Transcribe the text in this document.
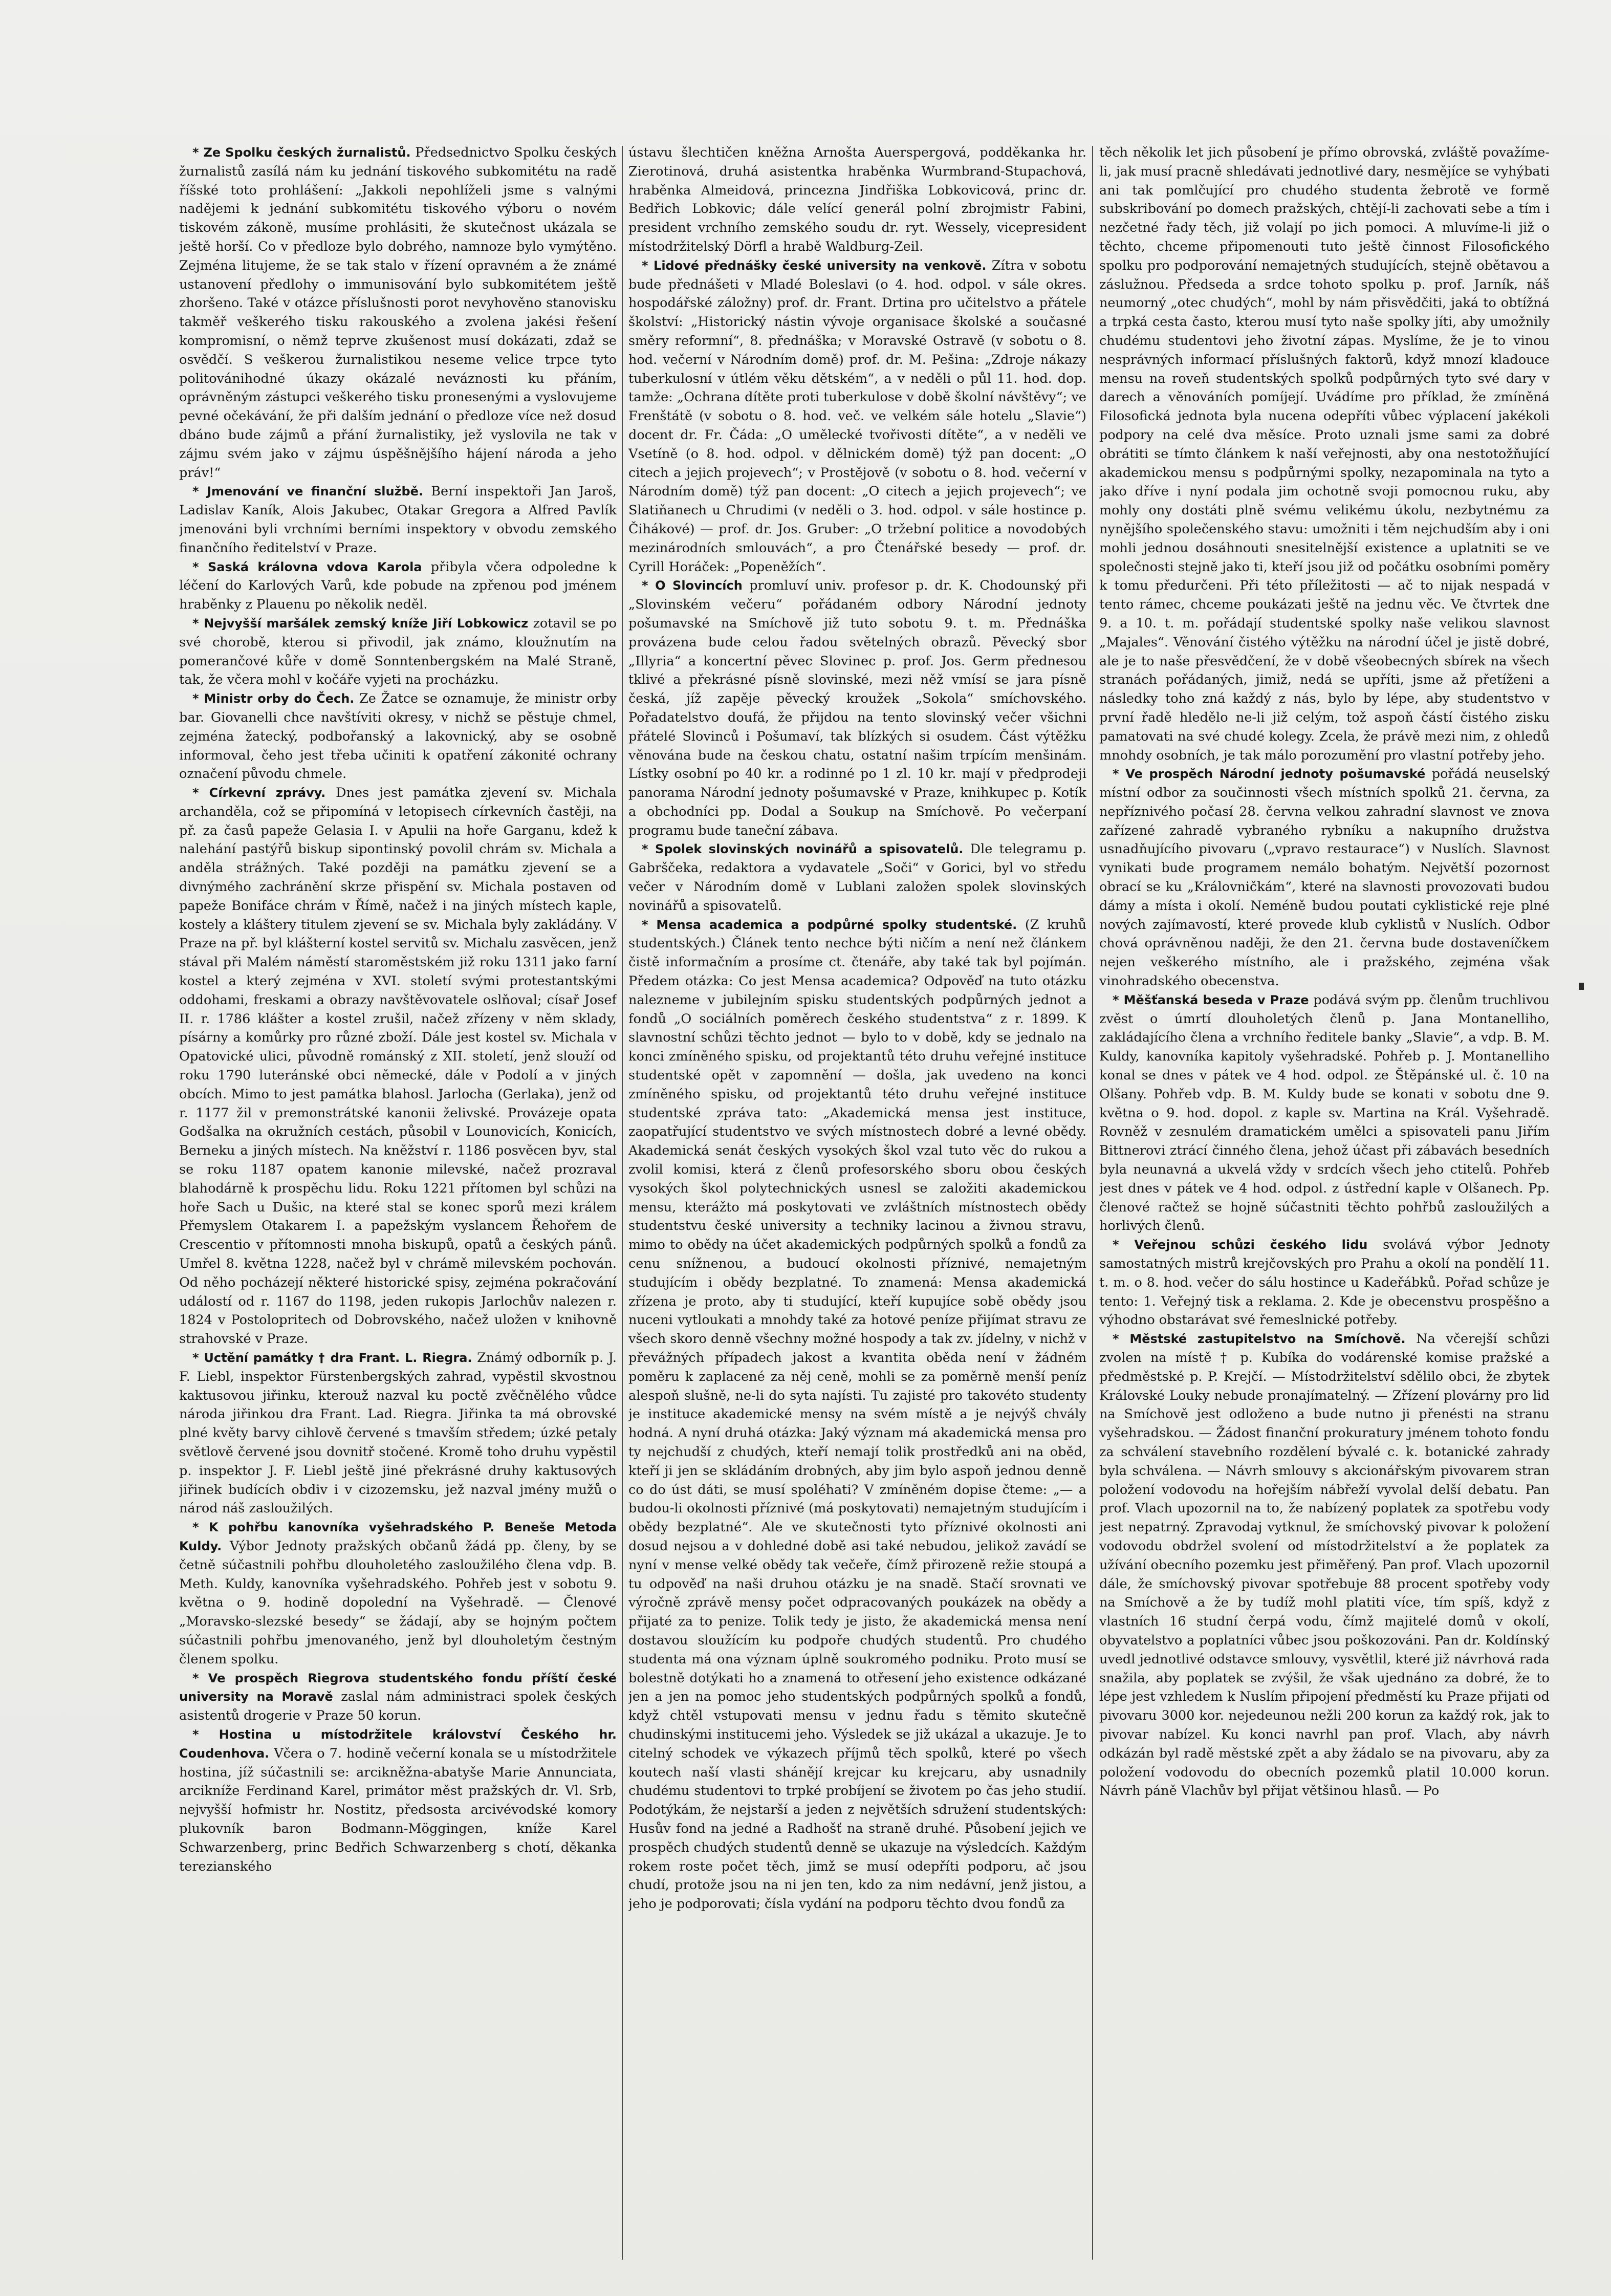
* Ze Spolku českých žurnalistů. Předsednictvo Spolku českých žurnalistů zasílá nám ku jednání tiskového subkomitétu na radě říšské toto prohlášení: „Jakkoli nepohlíželi jsme s valnými nadějemi k jednání subkomitétu tiskového výboru o novém tiskovém zákoně, musíme prohlásiti, že skutečnost ukázala se ještě horší. Co v předloze bylo dobrého, namnoze bylo vymýtěno. Zejména litujeme, že se tak stalo v řízení opravném a že známé ustanovení předlohy o immunisování bylo subkomitétem ještě zhoršeno. Také v otázce příslušnosti porot nevyhověno stanovisku takměř veškerého tisku rakouského a zvolena jakési řešení kompromisní, o němž teprve zkušenost musí dokázati, zdaž se osvědčí. S veškerou žurnalistikou neseme velice trpce tyto politovánihodné úkazy okázalé neváznosti ku přáním, oprávněným zástupci veškerého tisku pronesenými a vyslovujeme pevné očekávání, že při dalším jednání o předloze více než dosud dbáno bude zájmů a přání žurnalistiky, jež vyslovila ne tak v zájmu svém jako v zájmu úspěšnějšího hájení národa a jeho práv!“

* Jmenování ve finanční službě. Berní inspektoři Jan Jaroš, Ladislav Kaník, Alois Jakubec, Otakar Gregora a Alfred Pavlík jmenováni byli vrchními berními inspektory v obvodu zemského finančního ředitelství v Praze.

* Saská královna vdova Karola přibyla včera odpoledne k léčení do Karlových Varů, kde pobude na zpřenou pod jménem hraběnky z Plauenu po několik neděl.

* Nejvyšší maršálek zemský kníže Jiří Lobkowicz zotavil se po své chorobě, kterou si přivodil, jak známo, kloužnutím na pomerančové kůře v domě Sonntenbergském na Malé Straně, tak, že včera mohl v kočáře vyjeti na procházku.

* Ministr orby do Čech. Ze Žatce se oznamuje, že ministr orby bar. Giovanelli chce navštíviti okresy, v nichž se pěstuje chmel, zejména žatecký, podbořanský a lakovnický, aby se osobně informoval, čeho jest třeba učiniti k opatření zákonité ochrany označení původu chmele.

* Církevní zprávy. Dnes jest památka zjevení sv. Michala archanděla, což se připomíná v letopisech církevních častěji, na př. za časů papeže Gelasia I. v Apulii na hoře Garganu, kdež k nalehání pastýřů biskup sipontinský povolil chrám sv. Michala a anděla strážných. Také později na památku zjevení se a divnýmého zachránění skrze přispění sv. Michala postaven od papeže Bonifáce chrám v Římě, načež i na jiných místech kaple, kostely a kláštery titulem zjevení se sv. Michala byly zakládány. V Praze na př. byl klášterní kostel servitů sv. Michalu zasvěcen, jenž stával při Malém náměstí staroměstském již roku 1311 jako farní kostel a který zejména v XVI. století svými protestantskými oddohami, freskami a obrazy navštěvovatele oslňoval; císař Josef II. r. 1786 klášter a kostel zrušil, načež zřízeny v něm sklady, písárny a komůrky pro různé zboží. Dále jest kostel sv. Michala v Opatovické ulici, původně románský z XII. století, jenž slouží od roku 1790 luteránské obci německé, dále v Podolí a v jiných obcích. Mimo to jest památka blahosl. Jarlocha (Gerlaka), jenž od r. 1177 žil v premonstrátské kanonii želivské. Provázeje opata Godšalka na okružních cestách, působil v Lounovicích, Konicích, Berneku a jiných místech. Na kněžství r. 1186 posvěcen byv, stal se roku 1187 opatem kanonie milevské, načež prozraval blahodárně k prospěchu lidu. Roku 1221 přítomen byl schůzi na hoře Sach u Dušic, na které stal se konec sporů mezi králem Přemyslem Otakarem I. a papežským vyslancem Řehořem de Crescentio v přítomnosti mnoha biskupů, opatů a českých pánů. Umřel 8. května 1228, načež byl v chrámě milevském pochován. Od něho pocházejí některé historické spisy, zejména pokračování událostí od r. 1167 do 1198, jeden rukopis Jarlochův nalezen r. 1824 v Postolopritech od Dobrovského, načež uložen v knihovně strahovské v Praze.

* Uctění památky † dra Frant. L. Riegra. Známý odborník p. J. F. Liebl, inspektor Fürstenbergských zahrad, vypěstil skvostnou kaktusovou jiřinku, kterouž nazval ku poctě zvěčnělého vůdce národa jiřinkou dra Frant. Lad. Riegra. Jiřinka ta má obrovské plné květy barvy cihlově červené s tmavším středem; úzké petaly světlově červené jsou dovnitř stočené. Kromě toho druhu vypěstil p. inspektor J. F. Liebl ještě jiné překrásné druhy kaktusových jiřinek budících obdiv i v cizozemsku, jež nazval jmény mužů o národ náš zasloužilých.

* K pohřbu kanovníka vyšehradského P. Beneše Metoda Kuldy. Výbor Jednoty pražských občanů žádá pp. členy, by se četně súčastnili pohřbu dlouholetého zasloužilého člena vdp. B. Meth. Kuldy, kanovníka vyšehradského. Pohřeb jest v sobotu 9. května o 9. hodině dopolední na Vyšehradě. — Členové „Moravsko-slezské besedy“ se žádají, aby se hojným počtem súčastnili pohřbu jmenovaného, jenž byl dlouholetým čestným členem spolku.

* Ve prospěch Riegrova studentského fondu příští české university na Moravě zaslal nám administraci spolek českých asistentů drogerie v Praze 50 korun.

* Hostina u místodržitele království Českého hr. Coudenhova. Včera o 7. hodině večerní konala se u místodržitele hostina, jíž súčastnili se: arcikněžna-abatyše Marie Annunciata, arcikníže Ferdinand Karel, primátor měst pražských dr. Vl. Srb, nejvyšší hofmistr hr. Nostitz, předsosta arcivévodské komory plukovník baron Bodmann-Möggingen, kníže Karel Schwarzenberg, princ Bedřich Schwarzenberg s chotí, děkanka terezianského

ústavu šlechtičen kněžna Arnošta Auerspergová, podděkanka hr. Zierotinová, druhá asistentka hraběnka Wurmbrand-Stupachová, hraběnka Almeidová, princezna Jindřiška Lobkovicová, princ dr. Bedřich Lobkovic; dále velící generál polní zbrojmistr Fabini, president vrchního zemského soudu dr. ryt. Wessely, vicepresident místodržitelský Dörfl a hrabě Waldburg-Zeil.

* Lidové přednášky české university na venkově. Zítra v sobotu bude přednášeti v Mladé Boleslavi (o 4. hod. odpol. v sále okres. hospodářské záložny) prof. dr. Frant. Drtina pro učitelstvo a přátele školství: „Historický nástin vývoje organisace školské a současné směry reformní“, 8. přednáška; v Moravské Ostravě (v sobotu o 8. hod. večerní v Národním domě) prof. dr. M. Pešina: „Zdroje nákazy tuberkulosní v útlém věku dětském“, a v neděli o půl 11. hod. dop. tamže: „Ochrana dítěte proti tuberkulose v době školní návštěvy“; ve Frenštátě (v sobotu o 8. hod. več. ve velkém sále hotelu „Slavie“) docent dr. Fr. Čáda: „O umělecké tvořivosti dítěte“, a v neděli ve Vsetíně (o 8. hod. odpol. v dělnickém domě) týž pan docent: „O citech a jejich projevech“; v Prostějově (v sobotu o 8. hod. večerní v Národním domě) týž pan docent: „O citech a jejich projevech“; ve Slatiňanech u Chrudimi (v neděli o 3. hod. odpol. v sále hostince p. Čihákové) — prof. dr. Jos. Gruber: „O tržební politice a novodobých mezinárodních smlouvách“, a pro Čtenářské besedy — prof. dr. Cyrill Horáček: „Popeněžích“.

* O Slovincích promluví univ. profesor p. dr. K. Chodounský při „Slovinském večeru“ pořádaném odbory Národní jednoty pošumavské na Smíchově již tuto sobotu 9. t. m. Přednáška provázena bude celou řadou světelných obrazů. Pěvecký sbor „Illyria“ a koncertní pěvec Slovinec p. prof. Jos. Germ přednesou tklivé a překrásné písně slovinské, mezi něž vmísí se jara písně česká, jíž zapěje pěvecký kroužek „Sokola“ smíchovského. Pořadatelstvo doufá, že přijdou na tento slovinský večer všichni přátelé Slovinců i Pošumaví, tak blízkých si osudem. Část výtěžku věnována bude na českou chatu, ostatní našim trpícím menšinám. Lístky osobní po 40 kr. a rodinné po 1 zl. 10 kr. mají v předprodeji panorama Národní jednoty pošumavské v Praze, knihkupec p. Kotík a obchodníci pp. Dodal a Soukup na Smíchově. Po večerpaní programu bude taneční zábava.

* Spolek slovinských novinářů a spisovatelů. Dle telegramu p. Gabrščeka, redaktora a vydavatele „Soči“ v Gorici, byl vo středu večer v Národním domě v Lublani založen spolek slovinských novinářů a spisovatelů.

* Mensa academica a podpůrné spolky studentské. (Z kruhů studentských.) Článek tento nechce býti ničím a není než článkem čistě informačním a prosíme ct. čtenáře, aby také tak byl pojímán. Předem otázka: Co jest Mensa academica? Odpověď na tuto otázku nalezneme v jubilejním spisku studentských podpůrných jednot a fondů „O sociálních poměrech českého studentstva“ z r. 1899. K slavnostní schůzi těchto jednot — bylo to v době, kdy se jednalo na konci zmíněného spisku, od projektantů této druhu veřejné instituce studentské opět v zapomnění — došla, jak uvedeno na konci zmíněného spisku, od projektantů této druhu veřejné instituce studentské zpráva tato: „Akademická mensa jest instituce, zaopatřující studentstvo ve svých místnostech dobré a levné obědy. Akademická senát českých vysokých škol vzal tuto věc do rukou a zvolil komisi, která z členů profesorského sboru obou českých vysokých škol polytechnických usnesl se založiti akademickou mensu, kterážto má poskytovati ve zvláštních místnostech obědy studentstvu české university a techniky lacinou a živnou stravu, mimo to obědy na účet akademických podpůrných spolků a fondů za cenu snížnenou, a budoucí okolnosti příznivé, nemajetným studujícím i obědy bezplatné. To znamená: Mensa akademická zřízena je proto, aby ti studující, kteří kupujíce sobě obědy jsou nuceni vytloukati a mnohdy také za hotové peníze přijímat stravu ze všech skoro denně všechny možné hospody a tak zv. jídelny, v nichž v převážných případech jakost a kvantita oběda není v žádném poměru k zaplacené za něj ceně, mohli se za poměrně menší peníz alespoň slušně, ne-li do syta najísti. Tu zajisté pro takovéto studenty je instituce akademické mensy na svém místě a je nejvýš chvály hodná. A nyní druhá otázka: Jaký význam má akademická mensa pro ty nejchudší z chudých, kteří nemají tolik prostředků ani na oběd, kteří ji jen se skládáním drobných, aby jim bylo aspoň jednou denně co do úst dáti, se musí spoléhati? V zmíněném dopise čteme: „— a budou-li okolnosti příznivé (má poskytovati) nemajetným studujícím i obědy bezplatné“. Ale ve skutečnosti tyto příznivé okolnosti ani dosud nejsou a v dohledné době asi také nebudou, jelikož zavádí se nyní v mense velké obědy tak večeře, čímž přirozeně režie stoupá a tu odpověď na naši druhou otázku je na snadě. Stačí srovnati ve výročně zprávě mensy počet odpracovaných poukázek na obědy a přijaté za to penize. Tolik tedy je jisto, že akademická mensa není dostavou sloužícím ku podpoře chudých studentů. Pro chudého studenta má ona význam úplně soukromého podniku. Proto musí se bolestně dotýkati ho a znamená to otřesení jeho existence odkázané jen a jen na pomoc jeho studentských podpůrných spolků a fondů, když chtěl vstupovati mensu v jednu řadu s těmito skutečně chudinskými institucemi jeho. Výsledek se již ukázal a ukazuje. Je to citelný schodek ve výkazech příjmů těch spolků, které po všech koutech naší vlasti shánějí krejcar ku krejcaru, aby usnadnily chudému studentovi to trpké probíjení se životem po čas jeho studií. Podotýkám, že nejstarší a jeden z největších sdružení studentských: Husův fond na jedné a Radhošť na straně druhé. Působení jejich ve prospěch chudých studentů denně se ukazuje na výsledcích. Každým rokem roste počet těch, jimž se musí odepříti podporu, ač jsou chudí, protože jsou na ni jen ten, kdo za nim nedávní, jenž jistou, a jeho je podporovati; čísla vydání na podporu těchto dvou fondů za

těch několik let jich působení je přímo obrovská, zvláště považíme-li, jak musí pracně shledávati jednotlivé dary, nesmějíce se vyhýbati ani tak pomlčující pro chudého studenta žebrotě ve formě subskribování po domech pražských, chtějí-li zachovati sebe a tím i nezčetné řady těch, již volají po jich pomoci. A mluvíme-li již o těchto, chceme připomenouti tuto ještě činnost Filosofického spolku pro podporování nemajetných studujících, stejně obětavou a záslužnou. Předseda a srdce tohoto spolku p. prof. Jarník, náš neumorný „otec chudých“, mohl by nám přisvědčiti, jaká to obtížná a trpká cesta často, kterou musí tyto naše spolky jíti, aby umožnily chudému studentovi jeho životní zápas. Myslíme, že je to vinou nesprávných informací příslušných faktorů, když mnozí kladouce mensu na roveň studentských spolků podpůrných tyto své dary v darech a věnováních pomíjejí. Uvádíme pro příklad, že zmíněná Filosofická jednota byla nucena odepříti vůbec výplacení jakékoli podpory na celé dva měsíce. Proto uznali jsme sami za dobré obrátiti se tímto článkem k naší veřejnosti, aby ona nestotožňující akademickou mensu s podpůrnými spolky, nezapominala na tyto a jako dříve i nyní podala jim ochotně svoji pomocnou ruku, aby mohly ony dostáti plně svému velikému úkolu, nezbytnému za nynějšího společenského stavu: umožniti i těm nejchudším aby i oni mohli jednou dosáhnouti snesitelnější existence a uplatniti se ve společnosti stejně jako ti, kteří jsou již od počátku osobními poměry k tomu předurčeni. Při této příležitosti — ač to nijak nespadá v tento rámec, chceme poukázati ještě na jednu věc. Ve čtvrtek dne 9. a 10. t. m. pořádají studentské spolky naše velikou slavnost „Majales“. Věnování čistého výtěžku na národní účel je jistě dobré, ale je to naše přesvědčení, že v době všeobecných sbírek na všech stranách pořádaných, jimiž, nedá se upříti, jsme až přetíženi a následky toho zná každý z nás, bylo by lépe, aby studentstvo v první řadě hledělo ne-li již celým, tož aspoň částí čistého zisku pamatovati na své chudé kolegy. Zcela, že právě mezi nim, z ohledů mnohdy osobních, je tak málo porozumění pro vlastní potřeby jeho.

* Ve prospěch Národní jednoty pošumavské pořádá neuselský místní odbor za součinnosti všech místních spolků 21. června, za nepříznivého počasí 28. června velkou zahradní slavnost ve znova zařízené zahradě vybraného rybníku a nakupního družstva usnadňujícího pivovaru („vpravo restaurace“) v Nuslích. Slavnost vynikati bude programem nemálo bohatým. Největší pozornost obrací se ku „Královničkám“, které na slavnosti provozovati budou dámy a místa i okolí. Neméně budou poutati cyklistické reje plné nových zajímavostí, které provede klub cyklistů v Nuslích. Odbor chová oprávněnou naději, že den 21. června bude dostaveníčkem nejen veškerého místního, ale i pražského, zejména však vinohradského obecenstva.

* Měšťanská beseda v Praze podává svým pp. členům truchlivou zvěst o úmrtí dlouholetých členů p. Jana Montanelliho, zakládajícího člena a vrchního ředitele banky „Slavie“, a vdp. B. M. Kuldy, kanovníka kapitoly vyšehradské. Pohřeb p. J. Montanelliho konal se dnes v pátek ve 4 hod. odpol. ze Štěpánské ul. č. 10 na Olšany. Pohřeb vdp. B. M. Kuldy bude se konati v sobotu dne 9. května o 9. hod. dopol. z kaple sv. Martina na Král. Vyšehradě. Rovněž v zesnulém dramatickém umělci a spisovateli panu Jiřím Bittnerovi ztrácí činného člena, jehož účast při zábavách besedních byla neunavná a ukvelá vždy v srdcích všech jeho ctitelů. Pohřeb jest dnes v pátek ve 4 hod. odpol. z ústřední kaple v Olšanech. Pp. členové račtež se hojně súčastniti těchto pohřbů zasloužilých a horlivých členů.

* Veřejnou schůzi českého lidu svolává výbor Jednoty samostatných mistrů krejčovských pro Prahu a okolí na pondělí 11. t. m. o 8. hod. večer do sálu hostince u Kadeřábků. Pořad schůze je tento: 1. Veřejný tisk a reklama. 2. Kde je obecenstvu prospěšno a výhodno obstarávat své řemeslnické potřeby.

* Městské zastupitelstvo na Smíchově. Na včerejší schůzi zvolen na místě † p. Kubíka do vodárenské komise pražské a předměstské p. P. Krejčí. — Místodržitelství sdělilo obci, že zbytek Královské Louky nebude pronajímatelný. — Zřízení plovárny pro lid na Smíchově jest odloženo a bude nutno ji přenésti na stranu vyšehradskou. — Žádost finanční prokuratury jménem tohoto fondu za schválení stavebního rozdělení bývalé c. k. botanické zahrady byla schválena. — Návrh smlouvy s akcionářským pivovarem stran položení vodovodu na hořejším nábřeží vyvolal delší debatu. Pan prof. Vlach upozornil na to, že nabízený poplatek za spotřebu vody jest nepatrný. Zpravodaj vytknul, že smíchovský pivovar k položení vodovodu obdržel svolení od místodržitelství a že poplatek za užívání obecního pozemku jest přiměřený. Pan prof. Vlach upozornil dále, že smíchovský pivovar spotřebuje 88 procent spotřeby vody na Smíchově a že by tudíž mohl platiti více, tím spíš, když z vlastních 16 studní čerpá vodu, čímž majitelé domů v okolí, obyvatelstvo a poplatníci vůbec jsou poškozováni. Pan dr. Koldínský uvedl jednotlivé odstavce smlouvy, vysvětlil, které již návrhová rada snažila, aby poplatek se zvýšil, že však ujednáno za dobré, že to lépe jest vzhledem k Nuslím připojení předměstí ku Praze přijati od pivovaru 3000 kor. nejedeunou nežli 200 korun za každý rok, jak to pivovar nabízel. Ku konci navrhl pan prof. Vlach, aby návrh odkázán byl radě městské zpět a aby žádalo se na pivovaru, aby za položení vodovodu do obecních pozemků platil 10.000 korun. Návrh páně Vlachův byl přijat většinou hlasů. — Po
